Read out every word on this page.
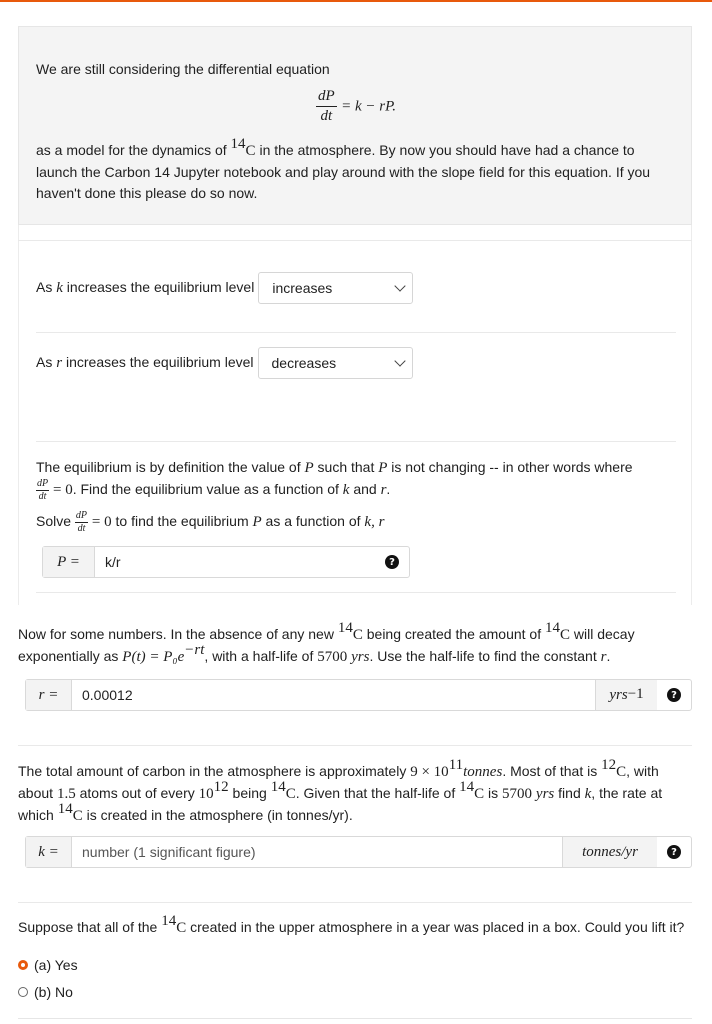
We are still considering the differential equation
$\frac{dP}{dt} = k$ − rP.
as a model for the dynamics of $^{14}$C in the atmosphere. By now you should have had a chance to launch the Carbon 14 Jupyter notebook and play around with the slope field for this equation. If you haven't done this please do so now.
As k increases the equilibrium level increases
As r increases the equilibrium level decreases
The equilibrium is by definition the value of P such that P is not changing -- in other words where

$\frac{dP}{dt} = 0$. Find the equilibrium value as a function of k and r.
Solve $\frac{dP}{dt} = 0$ to find the equilibrium P as a function of k, r
P =	k/r	?
Now for some numbers. In the absence of any new $^{14}$C being created the amount of $^{14}$C will decay exponentially as $P(t) = P_0e^{-rt}$, with a half-life of 5700 yrs. Use the half-life to find the constant r.
r =	0.00012	yrs$^{-1}$	?
The total amount of carbon in the atmosphere is approximately $9 \times 10^{11}tonnes$. Most of that is $^{12}$C, with about 1.5 atoms out of every $10^{12}$ being $^{14}$C. Given that the half-life of $^{14}$C is 5700 yrs find k, the rate at which $^{14}$C is created in the atmosphere (in tonnes/yr).
k =	number (1 significant figure)	tonnes/yr	?
Suppose that all of the $^{14}$C created in the upper atmosphere in a year was placed in a box. Could you lift it?
(a) Yes
(b) No
